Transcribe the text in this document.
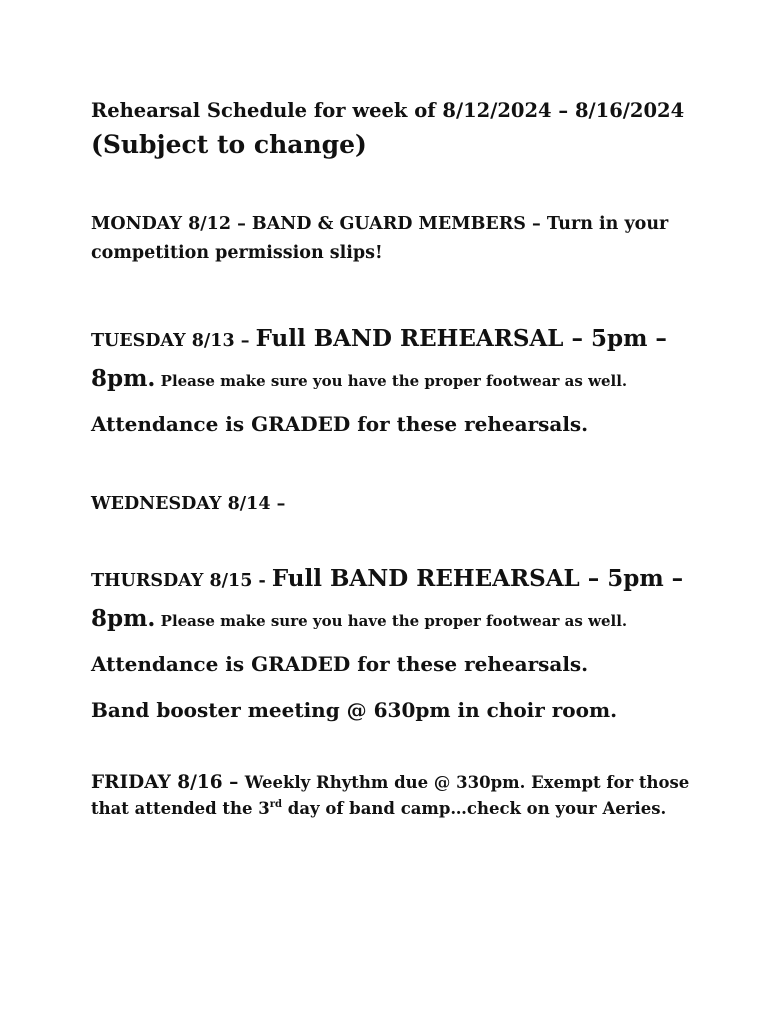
Rehearsal Schedule for week of 8/12/2024 – 8/16/2024

(Subject to change)

MONDAY 8/12 – BAND & GUARD MEMBERS – Turn in your competition permission slips!

TUESDAY 8/13 – Full BAND REHEARSAL – 5pm – 8pm. Please make sure you have the proper footwear as well.

Attendance is GRADED for these rehearsals.

WEDNESDAY 8/14 –

THURSDAY 8/15 - Full BAND REHEARSAL – 5pm – 8pm. Please make sure you have the proper footwear as well.

Attendance is GRADED for these rehearsals.

Band booster meeting @ 630pm in choir room.

FRIDAY 8/16 – Weekly Rhythm due @ 330pm. Exempt for those that attended the 3rd day of band camp…check on your Aeries.
